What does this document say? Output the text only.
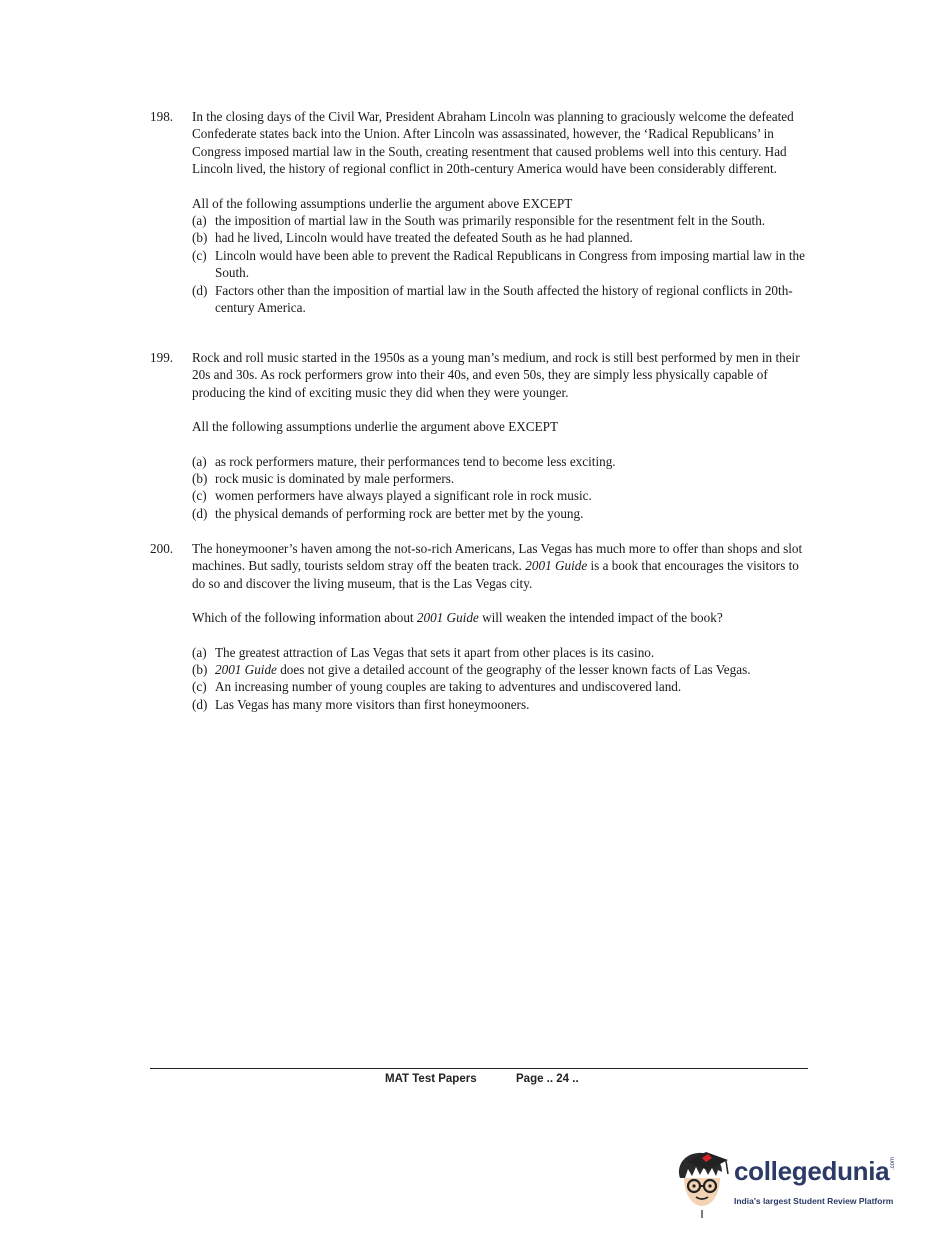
198.	In the closing days of the Civil War, President Abraham Lincoln was planning to graciously welcome the defeated Confederate states back into the Union. After Lincoln was assassinated, however, the ‘Radical Republicans’ in Congress imposed martial law in the South, creating resentment that caused problems well into this century. Had Lincoln lived, the history of regional conflict in 20th-century America would have been considerably different.

All of the following assumptions underlie the argument above EXCEPT

(a) the imposition of martial law in the South was primarily responsible for the resentment felt in the South.
(b) had he lived, Lincoln would have treated the defeated South as he had planned.
(c) Lincoln would have been able to prevent the Radical Republicans in Congress from imposing martial law in the South.
(d) Factors other than the imposition of martial law in the South affected the history of regional conflicts in 20th-century America.
199.	Rock and roll music started in the 1950s as a young man’s medium, and rock is still best performed by men in their 20s and 30s. As rock performers grow into their 40s, and even 50s, they are simply less physically capable of producing the kind of exciting music they did when they were younger.

All the following assumptions underlie the argument above EXCEPT

(a) as rock performers mature, their performances tend to become less exciting.
(b) rock music is dominated by male performers.
(c) women performers have always played a significant role in rock music.
(d) the physical demands of performing rock are better met by the young.
200.	The honeymooner’s haven among the not-so-rich Americans, Las Vegas has much more to offer than shops and slot machines. But sadly, tourists seldom stray off the beaten track. 2001 Guide is a book that encourages the visitors to do so and discover the living museum, that is the Las Vegas city.

Which of the following information about 2001 Guide will weaken the intended impact of the book?

(a) The greatest attraction of Las Vegas that sets it apart from other places is its casino.
(b) 2001 Guide does not give a detailed account of the geography of the lesser known facts of Las Vegas.
(c) An increasing number of young couples are taking to adventures and undiscovered land.
(d) Las Vegas has many more visitors than first honeymooners.
MAT Test Papers	Page .. 24 ..
collegedunia .com
India's largest Student Review Platform
